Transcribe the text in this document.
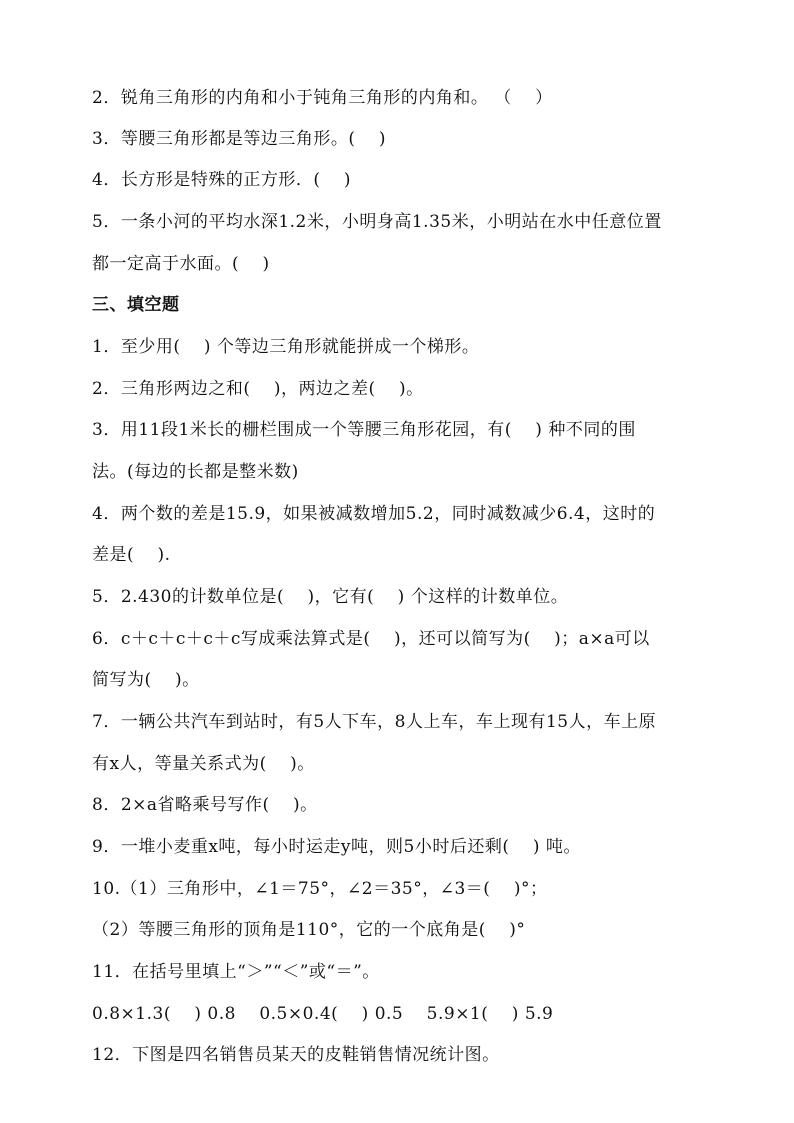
2．锐角三角形的内角和小于钝角三角形的内角和。 （　 ）
3．等腰三角形都是等边三角形。(　 )
4．长方形是特殊的正方形．(　 )
5．一条小河的平均水深1.2米，小明身高1.35米，小明站在水中任意位置
都一定高于水面。(　 )
三、填空题
1．至少用(　 ) 个等边三角形就能拼成一个梯形。
2．三角形两边之和(　 )，两边之差(　 )。
3．用11段1米长的栅栏围成一个等腰三角形花园，有(　 ) 种不同的围
法。(每边的长都是整米数)
4．两个数的差是15.9，如果被减数增加5.2，同时减数减少6.4，这时的
差是(　 ).　
5．2.430的计数单位是(　 )，它有(　 ) 个这样的计数单位。
6．c＋c＋c＋c＋c写成乘法算式是(　 )，还可以简写为(　 )；a×a可以
简写为(　 )。
7．一辆公共汽车到站时，有5人下车，8人上车，车上现有15人，车上原
有x人，等量关系式为(　 )。
8．2×a省略乘号写作(　 )。
9．一堆小麦重x吨，每小时运走y吨，则5小时后还剩(　 ) 吨。
10.（1）三角形中，∠1＝75°，∠2＝35°，∠3＝(　 )°；
（2）等腰三角形的顶角是110°，它的一个底角是(　 )°
11．在括号里填上“＞”“＜”或“＝”。
0.8×1.3(　 ) 0.8　 0.5×0.4(　 ) 0.5　 5.9×1(　 ) 5.9
12．下图是四名销售员某天的皮鞋销售情况统计图。
